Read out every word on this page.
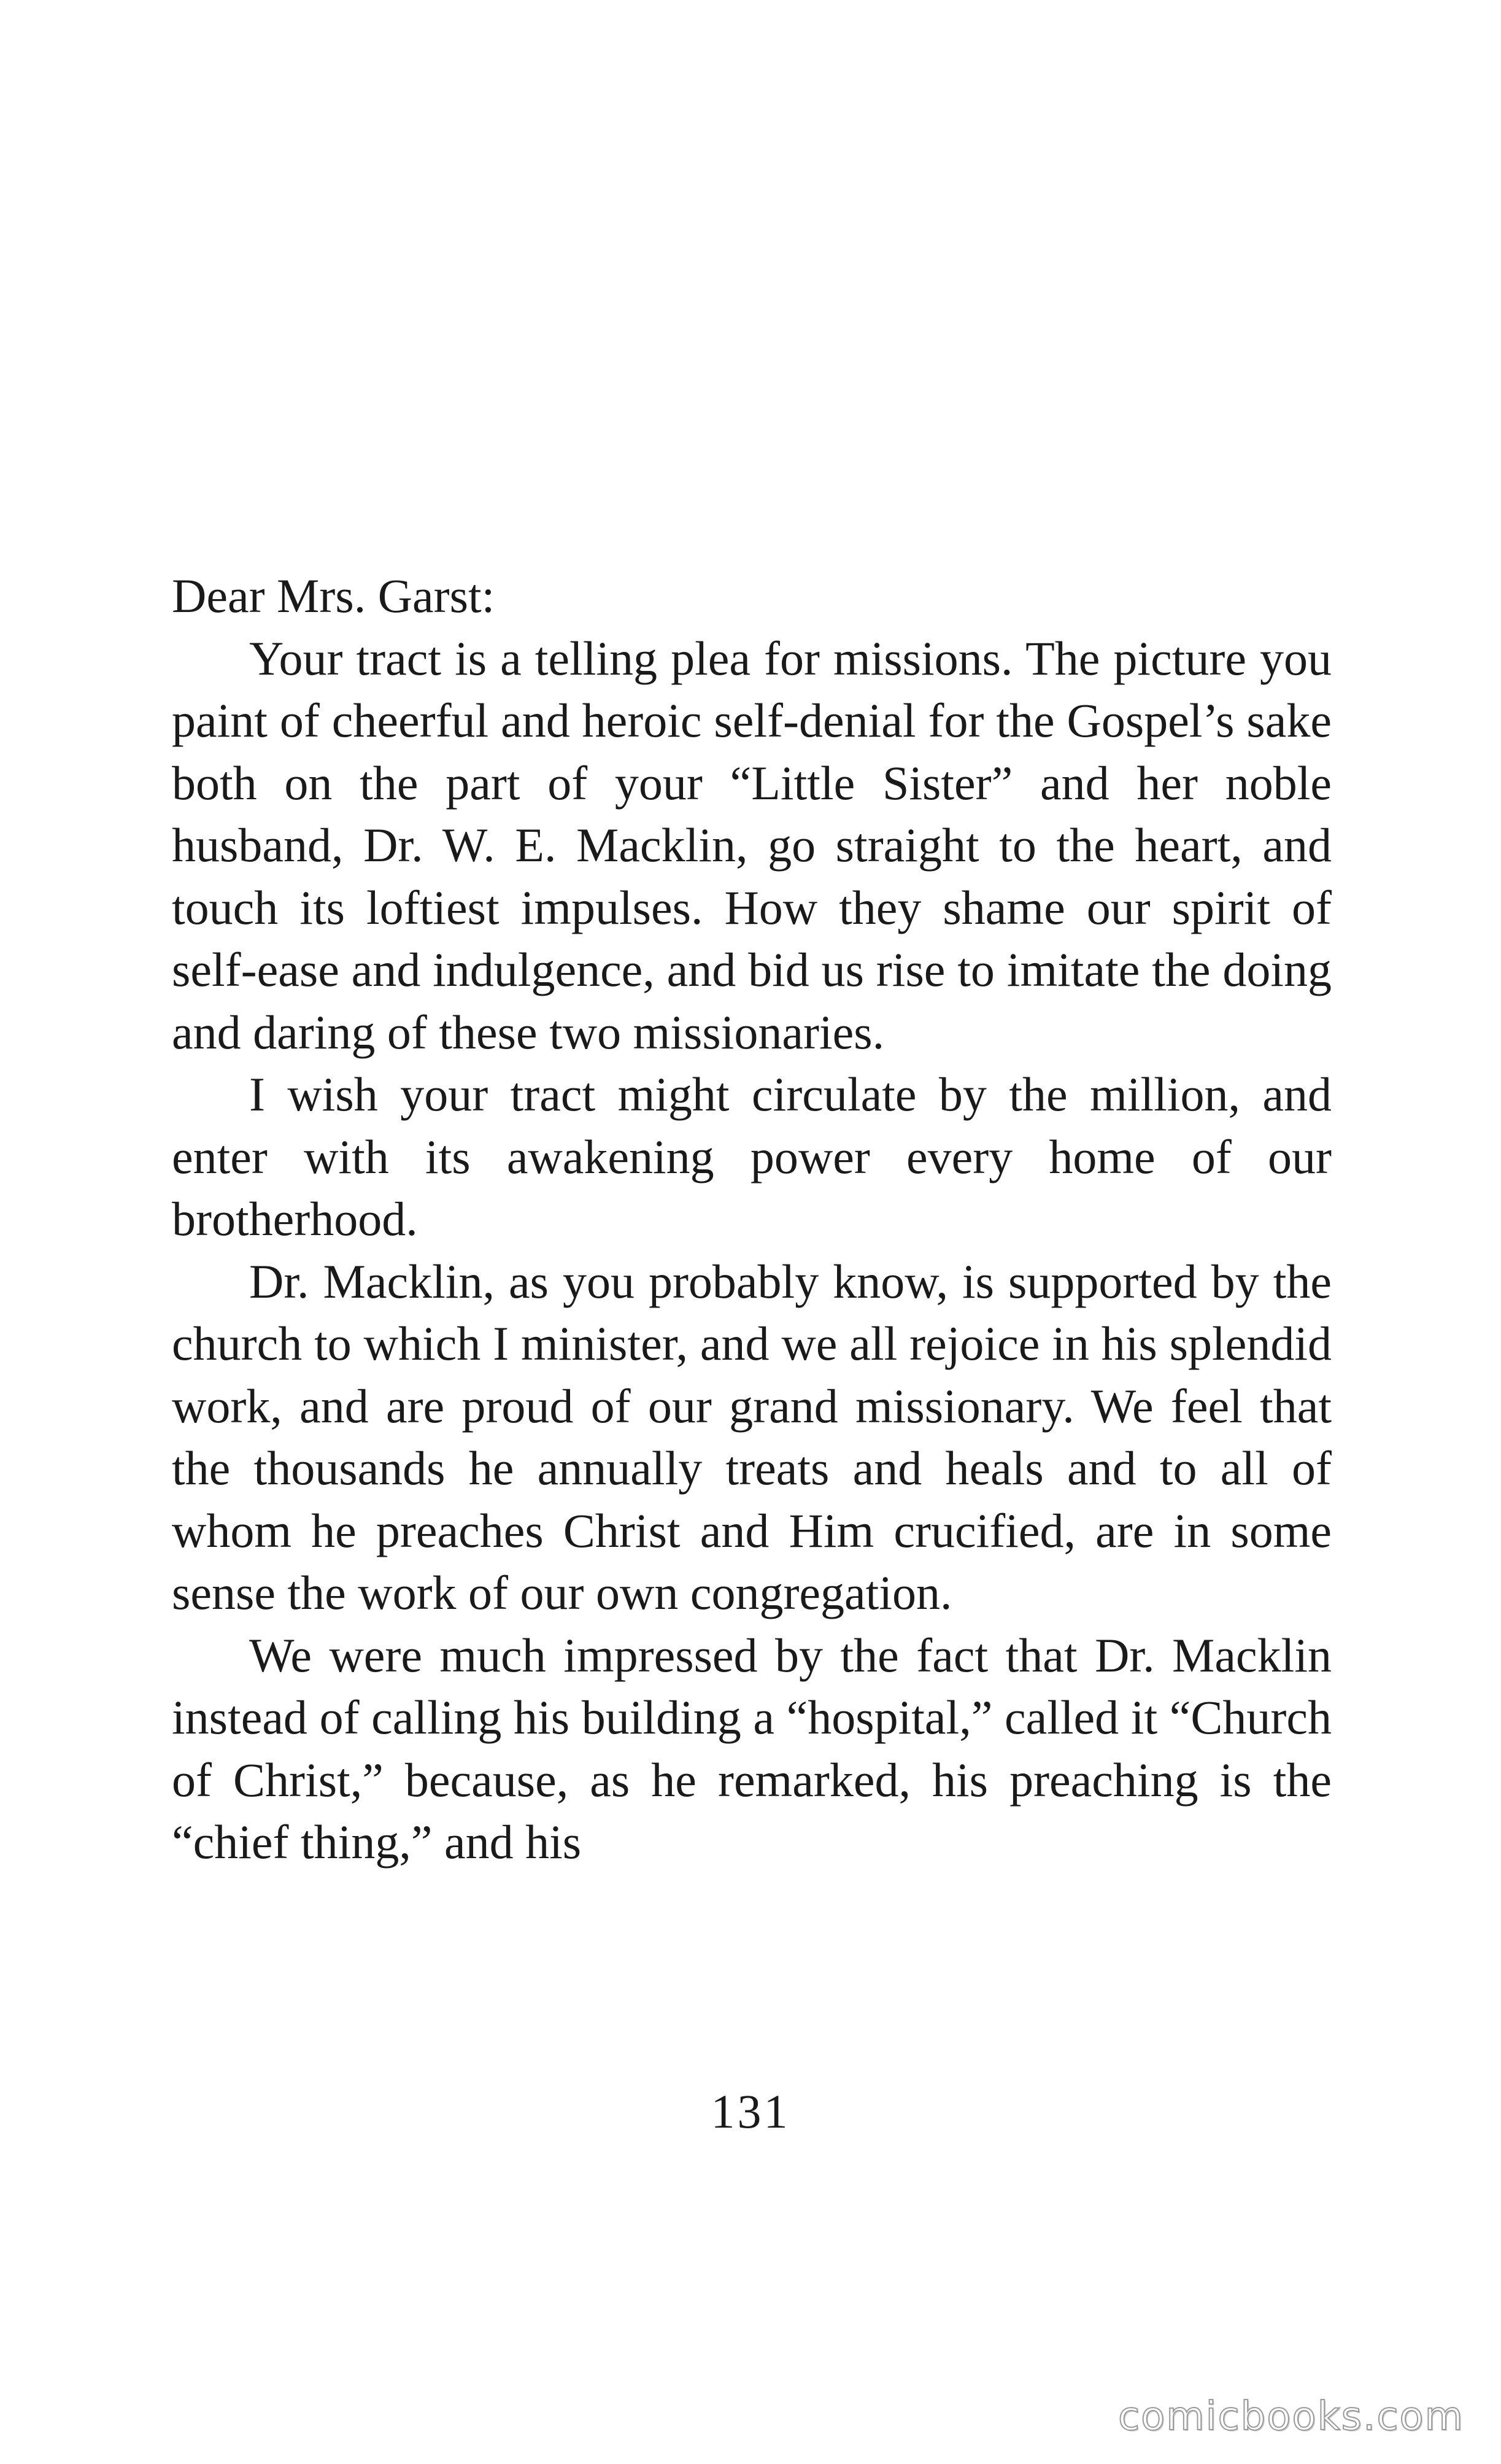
Dear Mrs. Garst:

Your tract is a telling plea for missions. The picture you paint of cheerful and heroic self-denial for the Gospel’s sake both on the part of your “Little Sister” and her noble husband, Dr. W. E. Macklin, go straight to the heart, and touch its loftiest impulses. How they shame our spirit of self-ease and indulgence, and bid us rise to imitate the doing and daring of these two missionaries.

I wish your tract might circulate by the million, and enter with its awakening power every home of our brotherhood.

Dr. Macklin, as you probably know, is supported by the church to which I minister, and we all rejoice in his splendid work, and are proud of our grand missionary. We feel that the thousands he annually treats and heals and to all of whom he preaches Christ and Him crucified, are in some sense the work of our own congregation.

We were much impressed by the fact that Dr. Macklin instead of calling his building a “hospital,” called it “Church of Christ,” because, as he remarked, his preaching is the “chief thing,” and his

131
comicbooks.com
